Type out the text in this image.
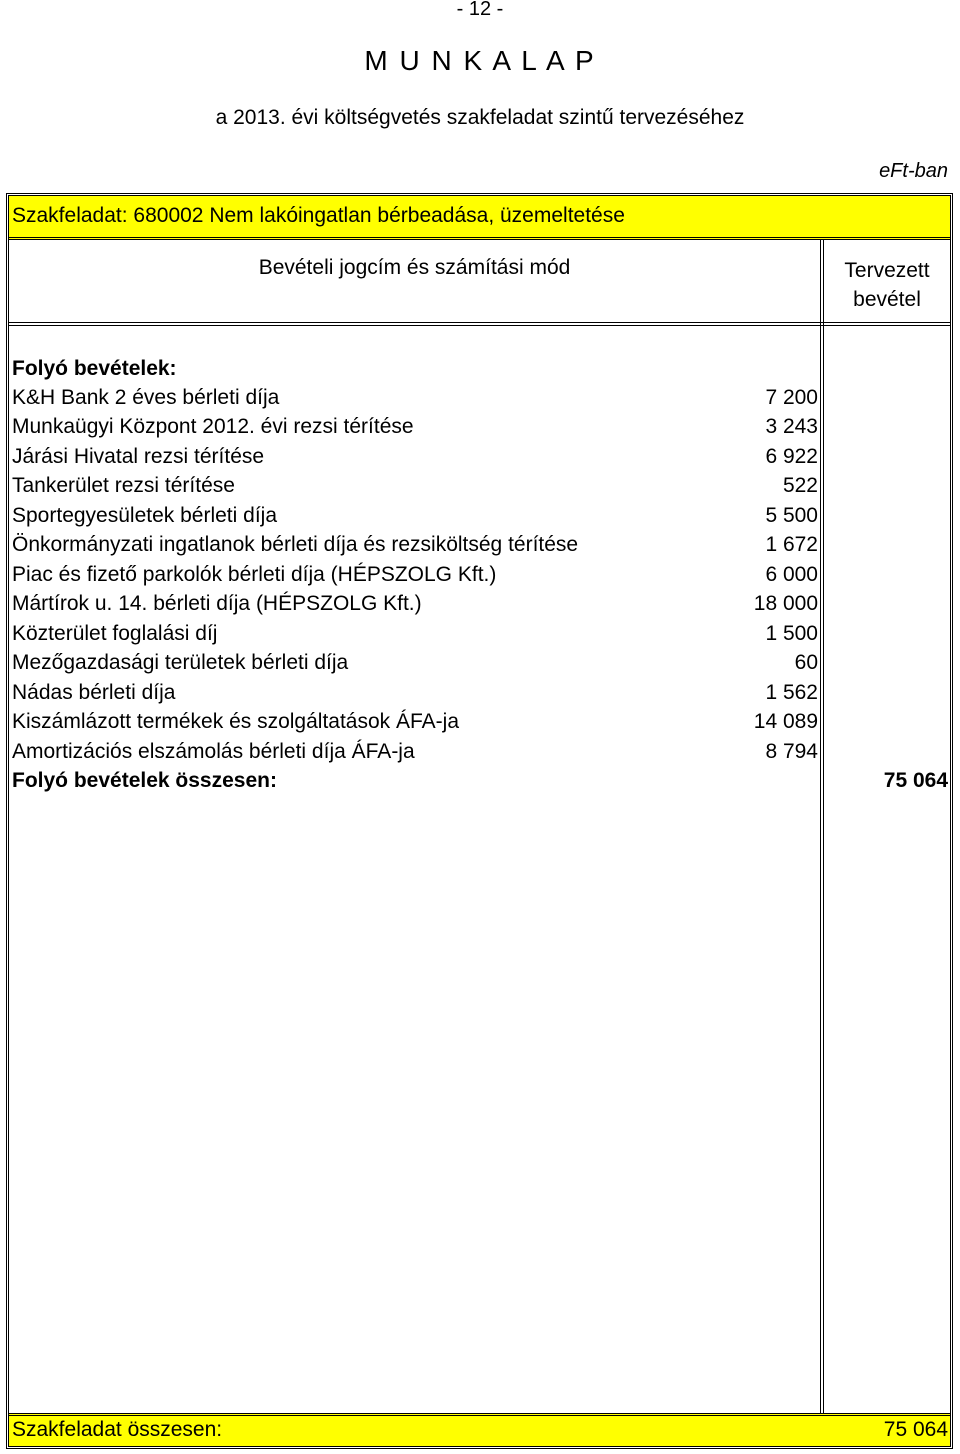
- 12 -
M U N K A L A P
a 2013. évi költségvetés szakfeladat szintű tervezéséhez
eFt-ban
Szakfeladat: 680002 Nem lakóingatlan bérbeadása, üzemeltetése
Bevételi jogcím és számítási mód	Tervezett
bevétel
Folyó bevételek:
K&H Bank 2 éves bérleti díja	7 200
Munkaügyi Központ 2012. évi rezsi térítése	3 243
Járási Hivatal rezsi térítése	6 922
Tankerület rezsi térítése	522
Sportegyesületek bérleti díja	5 500
Önkormányzati ingatlanok bérleti díja és rezsiköltség térítése	1 672
Piac és fizető parkolók bérleti díja (HÉPSZOLG Kft.)	6 000
Mártírok u. 14. bérleti díja (HÉPSZOLG Kft.)	18 000
Közterület foglalási díj	1 500
Mezőgazdasági területek bérleti díja	60
Nádas bérleti díja	1 562
Kiszámlázott termékek és szolgáltatások ÁFA-ja	14 089
Amortizációs elszámolás bérleti díja ÁFA-ja	8 794
Folyó bevételek összesen:	75 064
Szakfeladat összesen:	75 064
